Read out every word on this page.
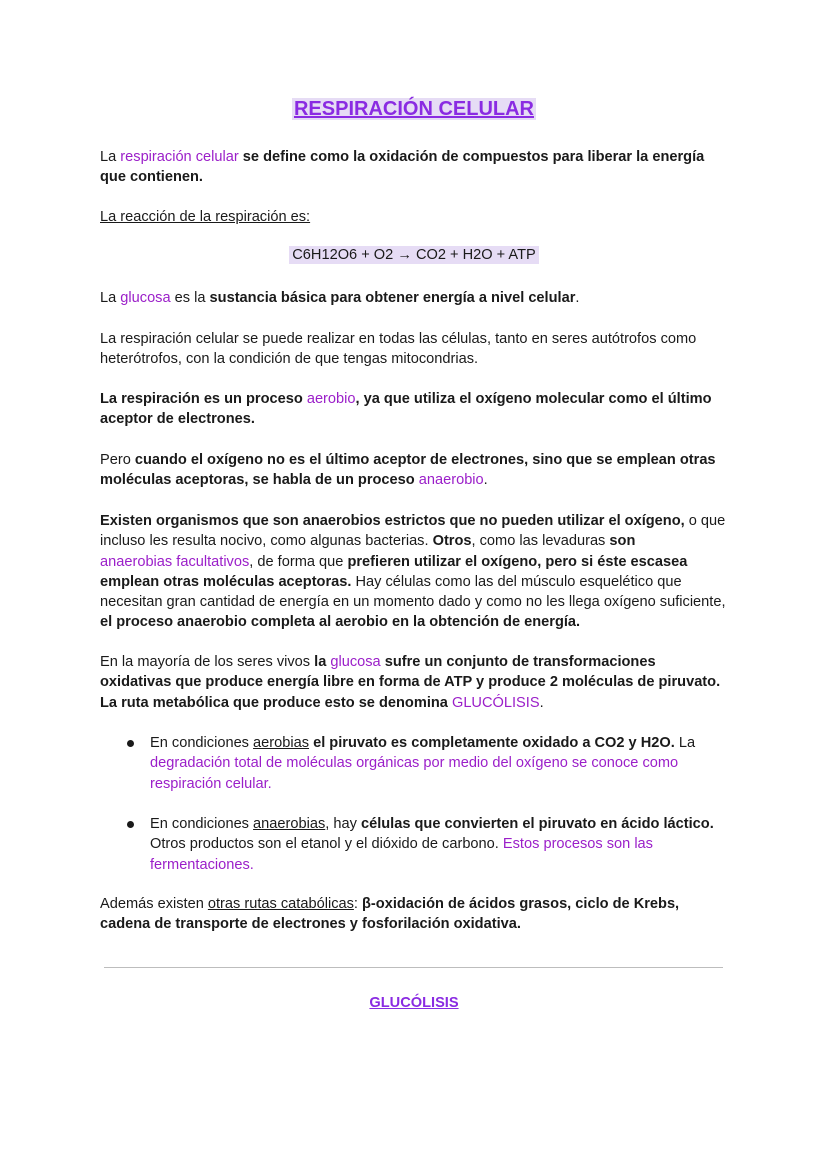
RESPIRACIÓN CELULAR

La respiración celular se define como la oxidación de compuestos para liberar la energía que contienen.

La reacción de la respiración es:

C6H12O6 + O2 → CO2 + H2O + ATP

La glucosa es la sustancia básica para obtener energía a nivel celular.

La respiración celular se puede realizar en todas las células, tanto en seres autótrofos como heterótrofos, con la condición de que tengas mitocondrias.

La respiración es un proceso aerobio, ya que utiliza el oxígeno molecular como el último aceptor de electrones.

Pero cuando el oxígeno no es el último aceptor de electrones, sino que se emplean otras moléculas aceptoras, se habla de un proceso anaerobio.

Existen organismos que son anaerobios estrictos que no pueden utilizar el oxígeno, o que incluso les resulta nocivo, como algunas bacterias. Otros, como las levaduras son
anaerobias facultativos, de forma que prefieren utilizar el oxígeno, pero si éste escasea emplean otras moléculas aceptoras. Hay células como las del músculo esquelético que necesitan gran cantidad de energía en un momento dado y como no les llega oxígeno suficiente, el proceso anaerobio completa al aerobio en la obtención de energía.

En la mayoría de los seres vivos la glucosa sufre un conjunto de transformaciones oxidativas que produce energía libre en forma de ATP y produce 2 moléculas de piruvato. La ruta metabólica que produce esto se denomina GLUCÓLISIS.

En condiciones aerobias el piruvato es completamente oxidado a CO2 y H2O. La
degradación total de moléculas orgánicas por medio del oxígeno se conoce como respiración celular.
En condiciones anaerobias, hay células que convierten el piruvato en ácido láctico. Otros productos son el etanol y el dióxido de carbono. Estos procesos son las fermentaciones.

Además existen otras rutas catabólicas: β-oxidación de ácidos grasos, ciclo de Krebs, cadena de transporte de electrones y fosforilación oxidativa.

GLUCÓLISIS
